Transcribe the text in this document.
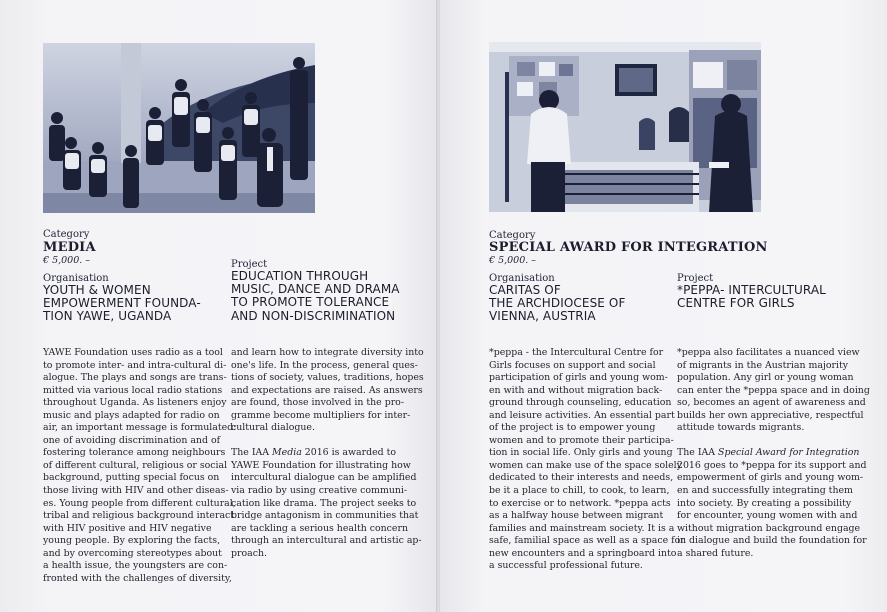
Category
MEDIA
€ 5,000. –
Organisation
YOUTH & WOMEN
EMPOWERMENT FOUNDA-
TION YAWE, UGANDA
Project
EDUCATION THROUGH
MUSIC, DANCE AND DRAMA
TO PROMOTE TOLERANCE
AND NON-DISCRIMINATION
YAWE Foundation uses radio as a tool
to promote inter- and intra-cultural di-
alogue. The plays and songs are trans-
mitted via various local radio stations
throughout Uganda. As listeners enjoy
music and plays adapted for radio on
air, an important message is formulated:
one of avoiding discrimination and of
fostering tolerance among neighbours
of different cultural, religious or social
background, putting special focus on
those living with HIV and other diseas-
es. Young people from different cultural,
tribal and religious background interact
with HIV positive and HIV negative
young people. By exploring the facts,
and by overcoming stereotypes about
a health issue, the youngsters are con-
fronted with the challenges of diversity,
and learn how to integrate diversity into
one's life. In the process, general ques-
tions of society, values, traditions, hopes
and expectations are raised. As answers
are found, those involved in the pro-
gramme become multipliers for inter-
cultural dialogue.
The IAA Media 2016 is awarded to
YAWE Foundation for illustrating how
intercultural dialogue can be amplified
via radio by using creative communi-
cation like drama. The project seeks to
bridge antagonism in communities that
are tackling a serious health concern
through an intercultural and artistic ap-
proach.
Category
SPECIAL AWARD FOR INTEGRATION
€ 5,000. –
Organisation
CARITAS OF
THE ARCHDIOCESE OF
VIENNA, AUSTRIA
Project
*PEPPA- INTERCULTURAL
CENTRE FOR GIRLS
*peppa - the Intercultural Centre for
Girls focuses on support and social
participation of girls and young wom-
en with and without migration back-
ground through counseling, education
and leisure activities. An essential part
of the project is to empower young
women and to promote their participa-
tion in social life. Only girls and young
women can make use of the space solely
dedicated to their interests and needs,
be it a place to chill, to cook, to learn,
to exercise or to network. *peppa acts
as a halfway house between migrant
families and mainstream society. It is a
safe, familial space as well as a space for
new encounters and a springboard into
a successful professional future.
*peppa also facilitates a nuanced view
of migrants in the Austrian majority
population. Any girl or young woman
can enter the *peppa space and in doing
so, becomes an agent of awareness and
builds her own appreciative, respectful
attitude towards migrants.
The IAA Special Award for Integration
2016 goes to *peppa for its support and
empowerment of girls and young wom-
en and successfully integrating them
into society. By creating a possibility
for encounter, young women with and
without migration background engage
in dialogue and build the foundation for
a shared future.
